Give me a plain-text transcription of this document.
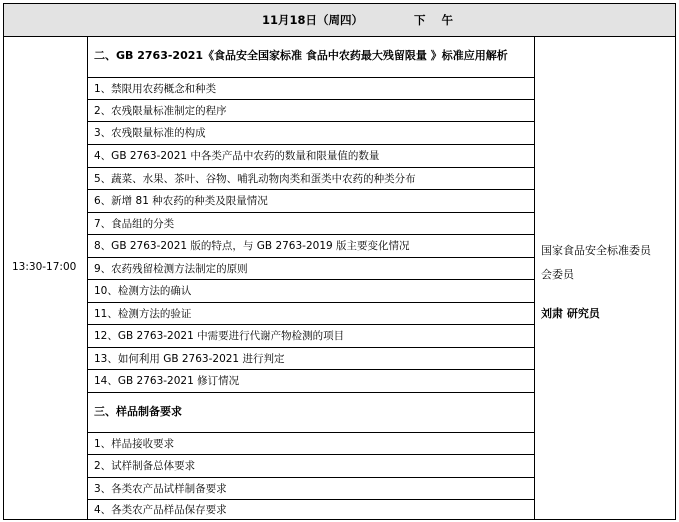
11月18日（周四）	下 午
13:30-17:00
二、GB 2763-2021《食品安全国家标准 食品中农药最大残留限量 》标准应用解析
1、禁限用农药概念和种类
2、农残限量标准制定的程序
3、农残限量标准的构成
4、GB 2763-2021 中各类产品中农药的数量和限量值的数量
5、蔬菜、水果、茶叶、谷物、哺乳动物肉类和蛋类中农药的种类分布
6、新增 81 种农药的种类及限量情况
7、食品组的分类
8、GB 2763-2021 版的特点，与 GB 2763-2019 版主要变化情况
9、农药残留检测方法制定的原则
10、检测方法的确认
11、检测方法的验证
12、GB 2763-2021 中需要进行代谢产物检测的项目
13、如何利用 GB 2763-2021 进行判定
14、GB 2763-2021 修订情况
三、样品制备要求
1、样品接收要求
2、试样制备总体要求
3、各类农产品试样制备要求
4、各类农产品样品保存要求
国家食品安全标准委员
会委员
刘肃 研究员
